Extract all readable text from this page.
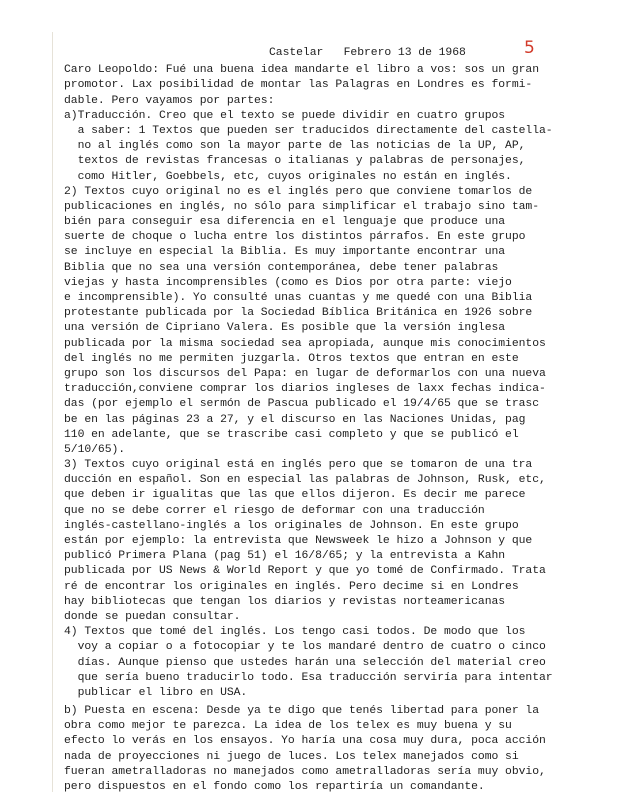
5
Castelar   Febrero 13 de 1968
Caro Leopoldo: Fué una buena idea mandarte el libro a vos: sos un gran
promotor. Lax posibilidad de montar las Palagras en Londres es formi-
dable. Pero vayamos por partes:
a)Traducción. Creo que el texto se puede dividir en cuatro grupos
a saber: 1 Textos que pueden ser traducidos directamente del castella-
no al inglés como son la mayor parte de las noticias de la UP, AP,
textos de revistas francesas o italianas y palabras de personajes,
como Hitler, Goebbels, etc, cuyos originales no están en inglés.
2) Textos cuyo original no es el inglés pero que conviene tomarlos de
publicaciones en inglés, no sólo para simplificar el trabajo sino tam-
bién para conseguir esa diferencia en el lenguaje que produce una
suerte de choque o lucha entre los distintos párrafos. En este grupo
se incluye en especial la Biblia. Es muy importante encontrar una
Biblia que no sea una versión contemporánea, debe tener palabras
viejas y hasta incomprensibles (como es Dios por otra parte: viejo
e incomprensible). Yo consulté unas cuantas y me quedé con una Biblia
protestante publicada por la Sociedad Bíblica Británica en 1926 sobre
una versión de Cipriano Valera. Es posible que la versión inglesa
publicada por la misma sociedad sea apropiada, aunque mis conocimientos
del inglés no me permiten juzgarla. Otros textos que entran en este
grupo son los discursos del Papa: en lugar de deformarlos con una nueva
traducción,conviene comprar los diarios ingleses de laxx fechas indica-
das (por ejemplo el sermón de Pascua publicado el 19/4/65 que se trasc
be en las páginas 23 a 27, y el discurso en las Naciones Unidas, pag
110 en adelante, que se trascribe casi completo y que se publicó el
5/10/65).
3) Textos cuyo original está en inglés pero que se tomaron de una tra
ducción en español. Son en especial las palabras de Johnson, Rusk, etc,
que deben ir igualitas que las que ellos dijeron. Es decir me parece
que no se debe correr el riesgo de deformar con una traducción
inglés-castellano-inglés a los originales de Johnson. En este grupo
están por ejemplo: la entrevista que Newsweek le hizo a Johnson y que
publicó Primera Plana (pag 51) el 16/8/65; y la entrevista a Kahn
publicada por US News & World Report y que yo tomé de Confirmado. Trata
ré de encontrar los originales en inglés. Pero decime si en Londres
hay bibliotecas que tengan los diarios y revistas norteamericanas
donde se puedan consultar.
4) Textos que tomé del inglés. Los tengo casi todos. De modo que los
voy a copiar o a fotocopiar y te los mandaré dentro de cuatro o cinco
días. Aunque pienso que ustedes harán una selección del material creo
que sería bueno traducirlo todo. Esa traducción serviría para intentar
publicar el libro en USA.
b) Puesta en escena: Desde ya te digo que tenés libertad para poner la
obra como mejor te parezca. La idea de los telex es muy buena y su
efecto lo verás en los ensayos. Yo haría una cosa muy dura, poca acción
nada de proyecciones ni juego de luces. Los telex manejados como si
fueran ametralladoras no manejados como ametralladoras sería muy obvio,
pero dispuestos en el fondo como los repartiría un comandante.
